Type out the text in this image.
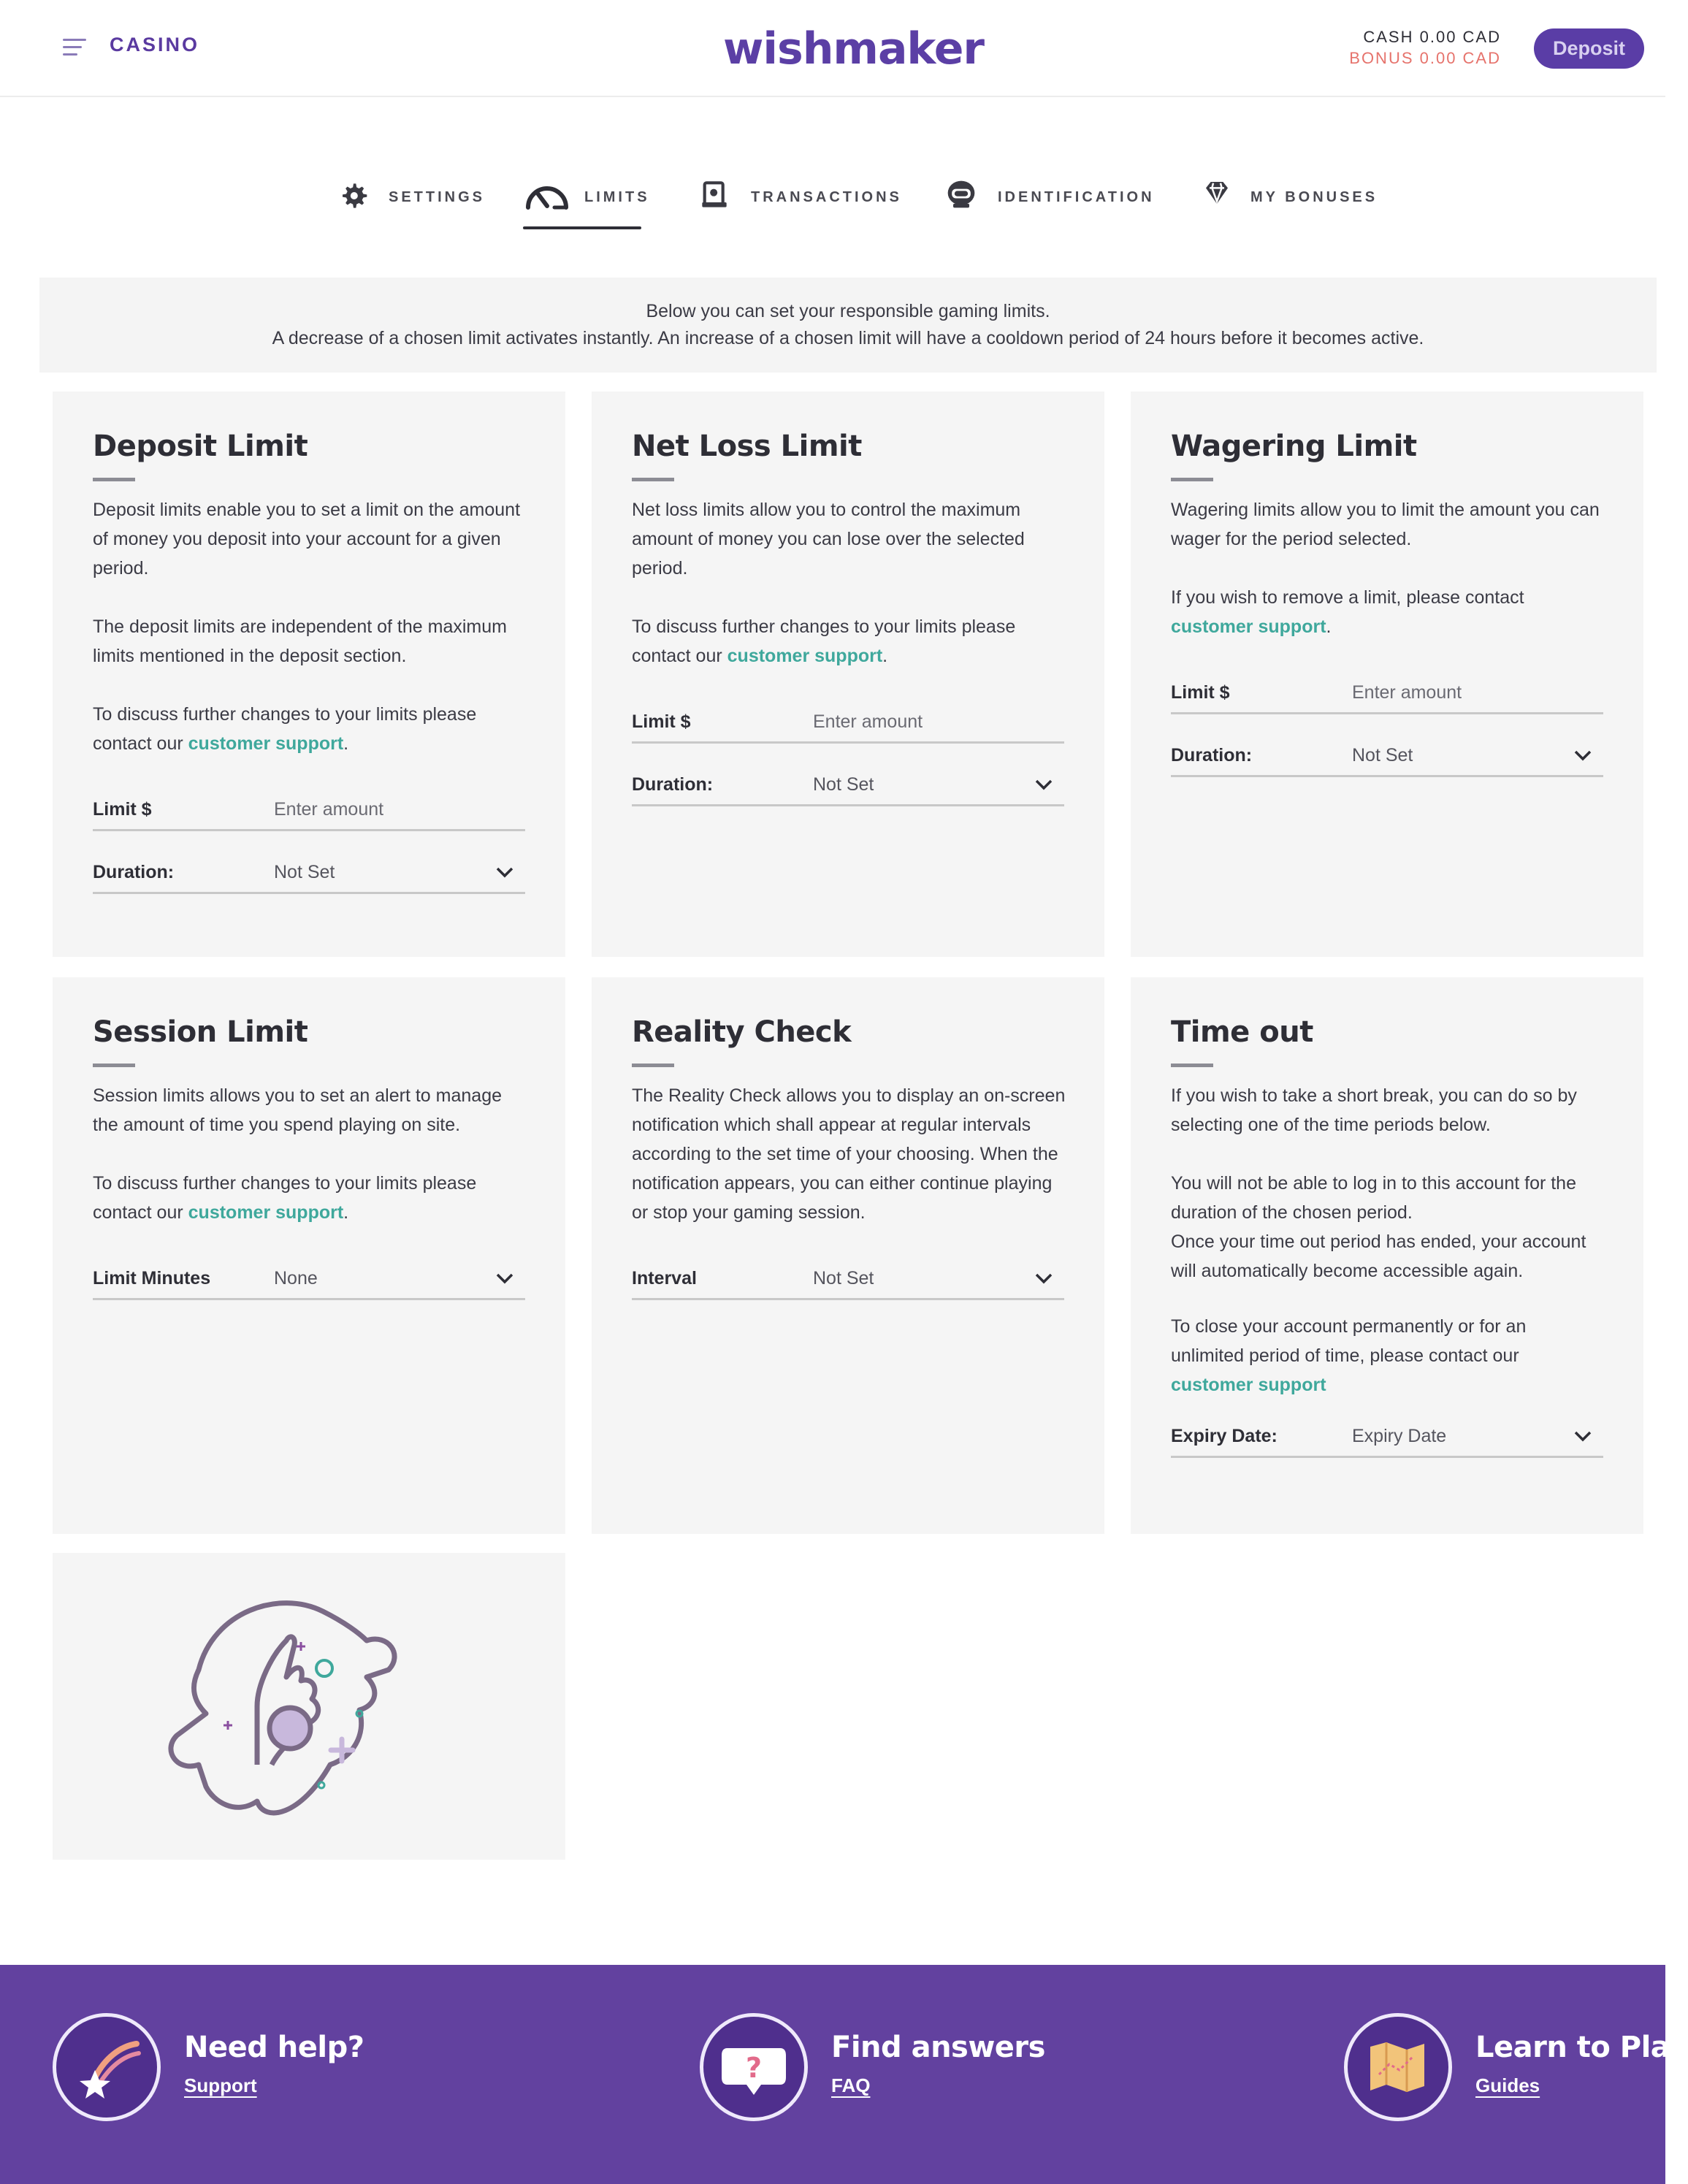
CASINO	wishmaker	CASH 0.00 CAD
BONUS 0.00 CAD	Deposit
SETTINGS	LIMITS	TRANSACTIONS	IDENTIFICATION	MY BONUSES
Below you can set your responsible gaming limits.
A decrease of a chosen limit activates instantly. An increase of a chosen limit will have a cooldown period of 24 hours before it becomes active.
Deposit Limit

Deposit limits enable you to set a limit on the amount of money you deposit into your account for a given period.

The deposit limits are independent of the maximum limits mentioned in the deposit section.

To discuss further changes to your limits please contact our customer support.

Limit $	Enter amount
Duration:	Not Set
Net Loss Limit

Net loss limits allow you to control the maximum amount of money you can lose over the selected period.

To discuss further changes to your limits please contact our customer support.

Limit $	Enter amount
Duration:	Not Set
Wagering Limit

Wagering limits allow you to limit the amount you can wager for the period selected.

If you wish to remove a limit, please contact customer support.

Limit $	Enter amount
Duration:	Not Set
Session Limit

Session limits allows you to set an alert to manage the amount of time you spend playing on site.

To discuss further changes to your limits please contact our customer support.

Limit Minutes	None
Reality Check

The Reality Check allows you to display an on-screen notification which shall appear at regular intervals according to the set time of your choosing. When the notification appears, you can either continue playing or stop your gaming session.

Interval	Not Set
Time out

If you wish to take a short break, you can do so by selecting one of the time periods below.

You will not be able to log in to this account for the duration of the chosen period.
Once your time out period has ended, your account will automatically become accessible again.

To close your account permanently or for an unlimited period of time, please contact our customer support

Expiry Date:	Expiry Date
Need help?
Support
?
Find answers
FAQ
Learn to Play
Guides
